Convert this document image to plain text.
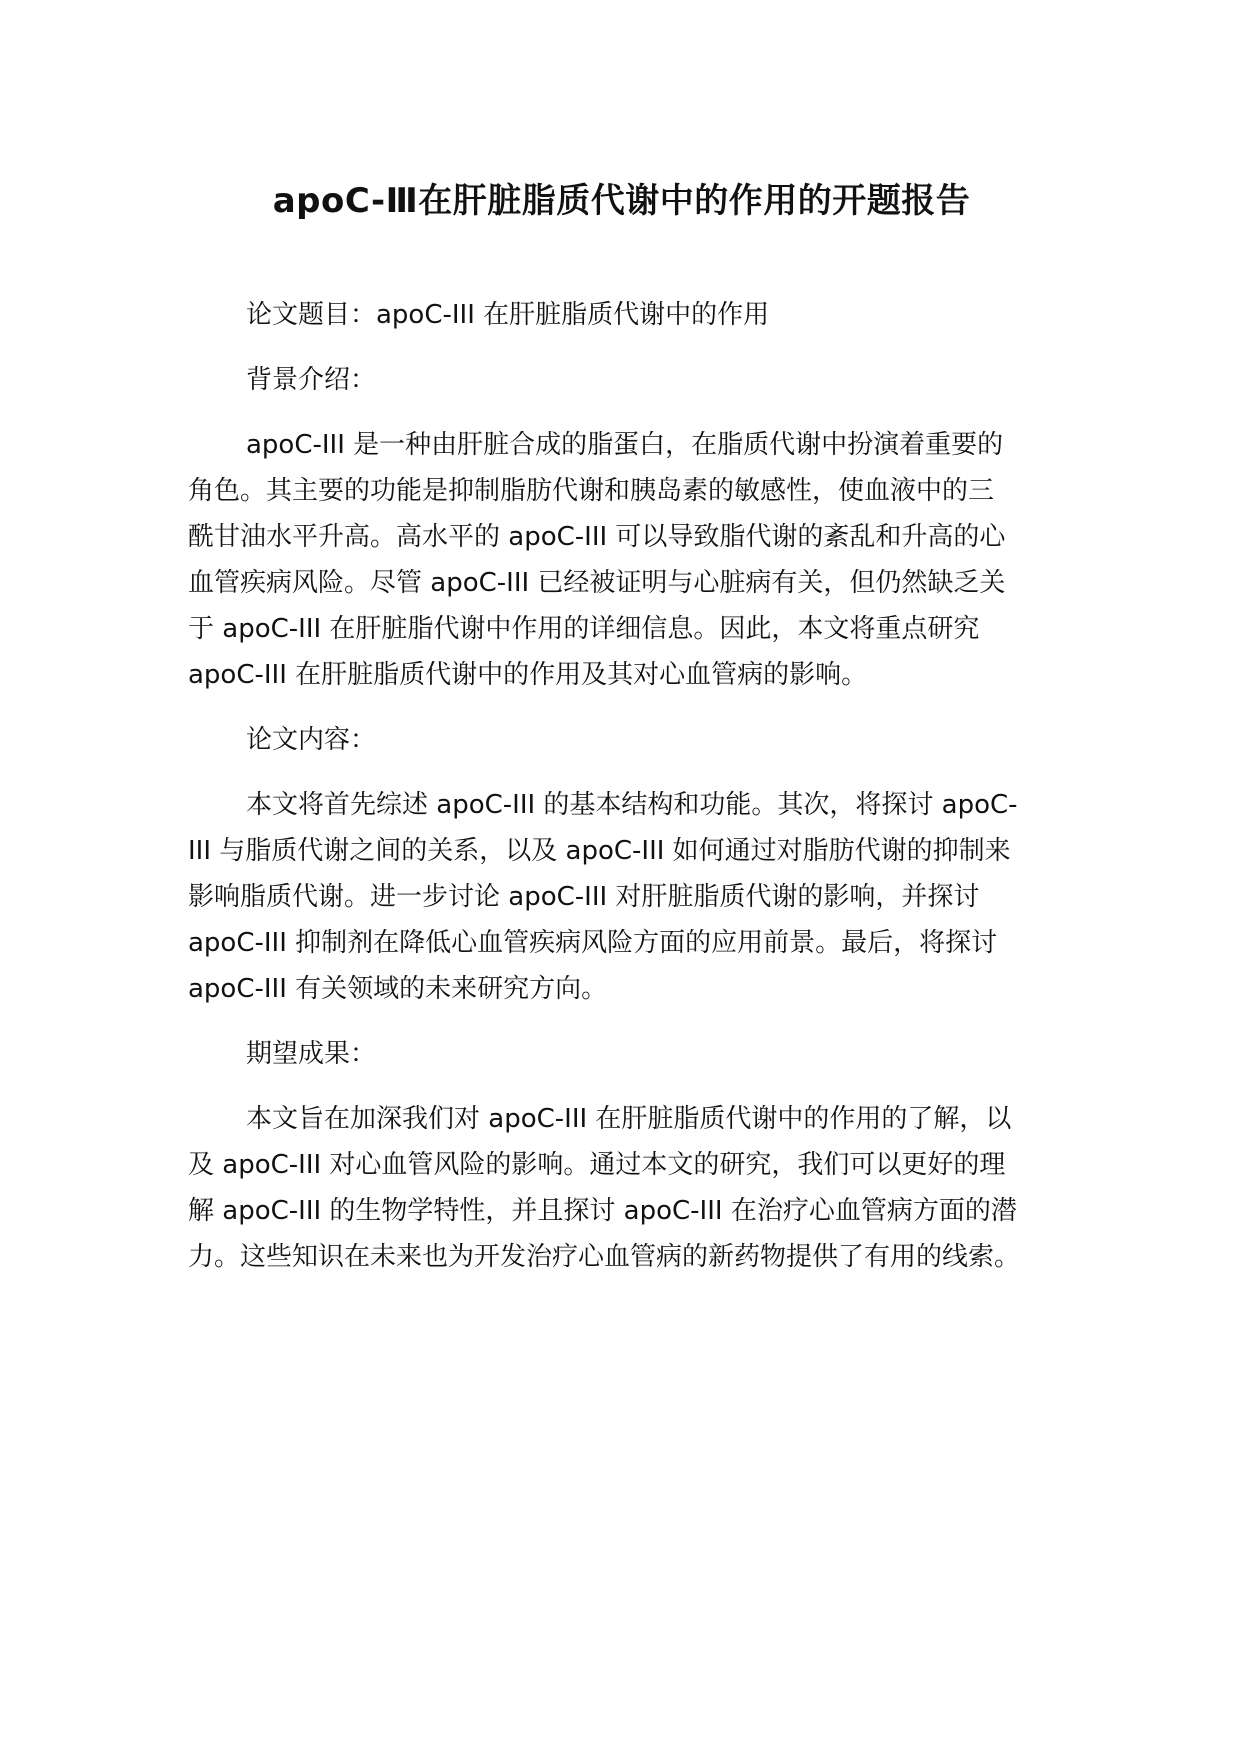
apoC-Ⅲ在肝脏脂质代谢中的作用的开题报告

论文题目：apoC-III 在肝脏脂质代谢中的作用

背景介绍：

apoC-III 是一种由肝脏合成的脂蛋白，在脂质代谢中扮演着重要的

角色。其主要的功能是抑制脂肪代谢和胰岛素的敏感性，使血液中的三

酰甘油水平升高。高水平的 apoC-III 可以导致脂代谢的紊乱和升高的心

血管疾病风险。尽管 apoC-III 已经被证明与心脏病有关，但仍然缺乏关

于 apoC-III 在肝脏脂代谢中作用的详细信息。因此，本文将重点研究

apoC-III 在肝脏脂质代谢中的作用及其对心血管病的影响。

论文内容：

本文将首先综述 apoC-III 的基本结构和功能。其次，将探讨 apoC-

III 与脂质代谢之间的关系，以及 apoC-III 如何通过对脂肪代谢的抑制来

影响脂质代谢。进一步讨论 apoC-III 对肝脏脂质代谢的影响，并探讨

apoC-III 抑制剂在降低心血管疾病风险方面的应用前景。最后，将探讨

apoC-III 有关领域的未来研究方向。

期望成果：

本文旨在加深我们对 apoC-III 在肝脏脂质代谢中的作用的了解，以

及 apoC-III 对心血管风险的影响。通过本文的研究，我们可以更好的理

解 apoC-III 的生物学特性，并且探讨 apoC-III 在治疗心血管病方面的潜

力。这些知识在未来也为开发治疗心血管病的新药物提供了有用的线索。
